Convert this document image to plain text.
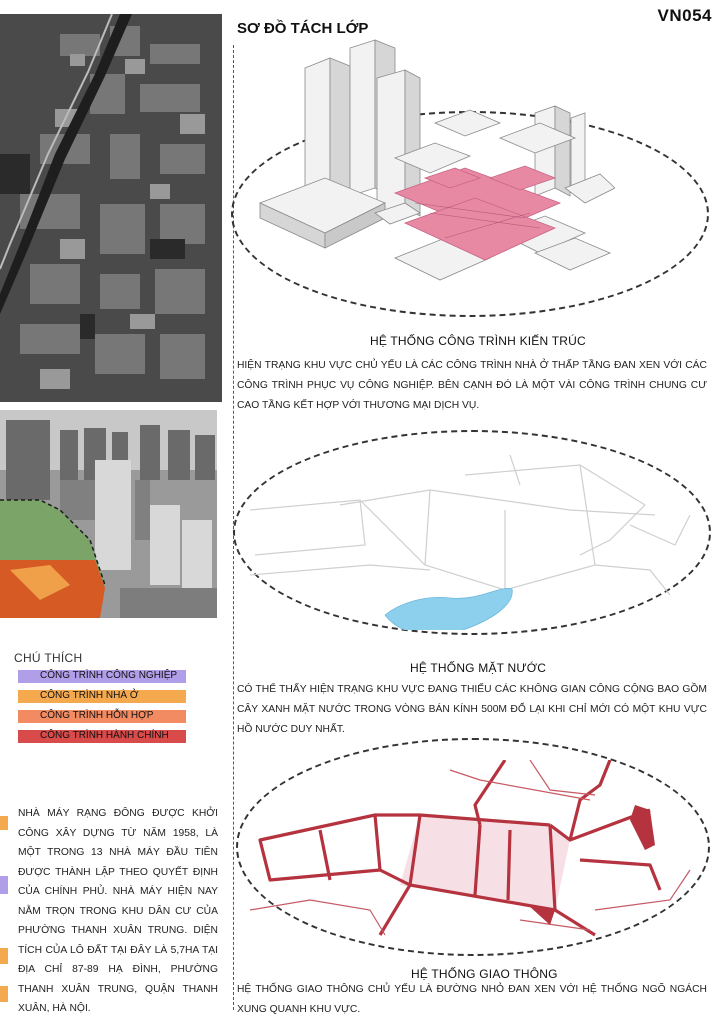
VN054
SƠ ĐỒ TÁCH LỚP
CHÚ THÍCH
CÔNG TRÌNH CÔNG NGHIỆP
CÔNG TRÌNH NHÀ Ở
CÔNG TRÌNH HỖN HỢP
CÔNG TRÌNH HÀNH CHÍNH

NHÀ MÁY RẠNG ĐÔNG ĐƯỢC KHỞI CÔNG XÂY DỰNG TỪ NĂM 1958, LÀ MỘT TRONG 13 NHÀ MÁY ĐẦU TIÊN ĐƯỢC THÀNH LẬP THEO QUYẾT ĐỊNH CỦA CHÍNH PHỦ. NHÀ MÁY HIỆN NAY NẰM TRỌN TRONG KHU DÂN CƯ CỦA PHƯỜNG THANH XUÂN TRUNG. DIỆN TÍCH CỦA LÔ ĐẤT TẠI ĐÂY LÀ 5,7HA TẠI ĐỊA CHỈ 87-89 HẠ ĐÌNH, PHƯỜNG THANH XUÂN TRUNG, QUẬN THANH XUÂN, HÀ NỘI.

HỆ THỐNG CÔNG TRÌNH KIẾN TRÚC

HIỆN TRẠNG KHU VỰC CHỦ YẾU LÀ CÁC CÔNG TRÌNH NHÀ Ở THẤP TẦNG ĐAN XEN VỚI CÁC CÔNG TRÌNH PHỤC VỤ CÔNG NGHIỆP. BÊN CẠNH ĐÓ LÀ MỘT VÀI CÔNG TRÌNH CHUNG CƯ CAO TẦNG KẾT HỢP VỚI THƯƠNG MẠI DỊCH VỤ.

HỆ THỐNG MẶT NƯỚC

CÓ THỂ THẤY HIỆN TRẠNG KHU VỰC ĐANG THIẾU CÁC KHÔNG GIAN CÔNG CỘNG BAO GỒM CÂY XANH MẶT NƯỚC TRONG VÒNG BÁN KÍNH 500M ĐỔ LẠI KHI CHỈ MỚI CÓ MỘT KHU VỰC HỒ NƯỚC DUY NHẤT.

HỆ THỐNG GIAO THÔNG

HỆ THỐNG GIAO THÔNG CHỦ YẾU LÀ ĐƯỜNG NHỎ ĐAN XEN VỚI HỆ THỐNG NGÕ NGÁCH XUNG QUANH KHU VỰC.
